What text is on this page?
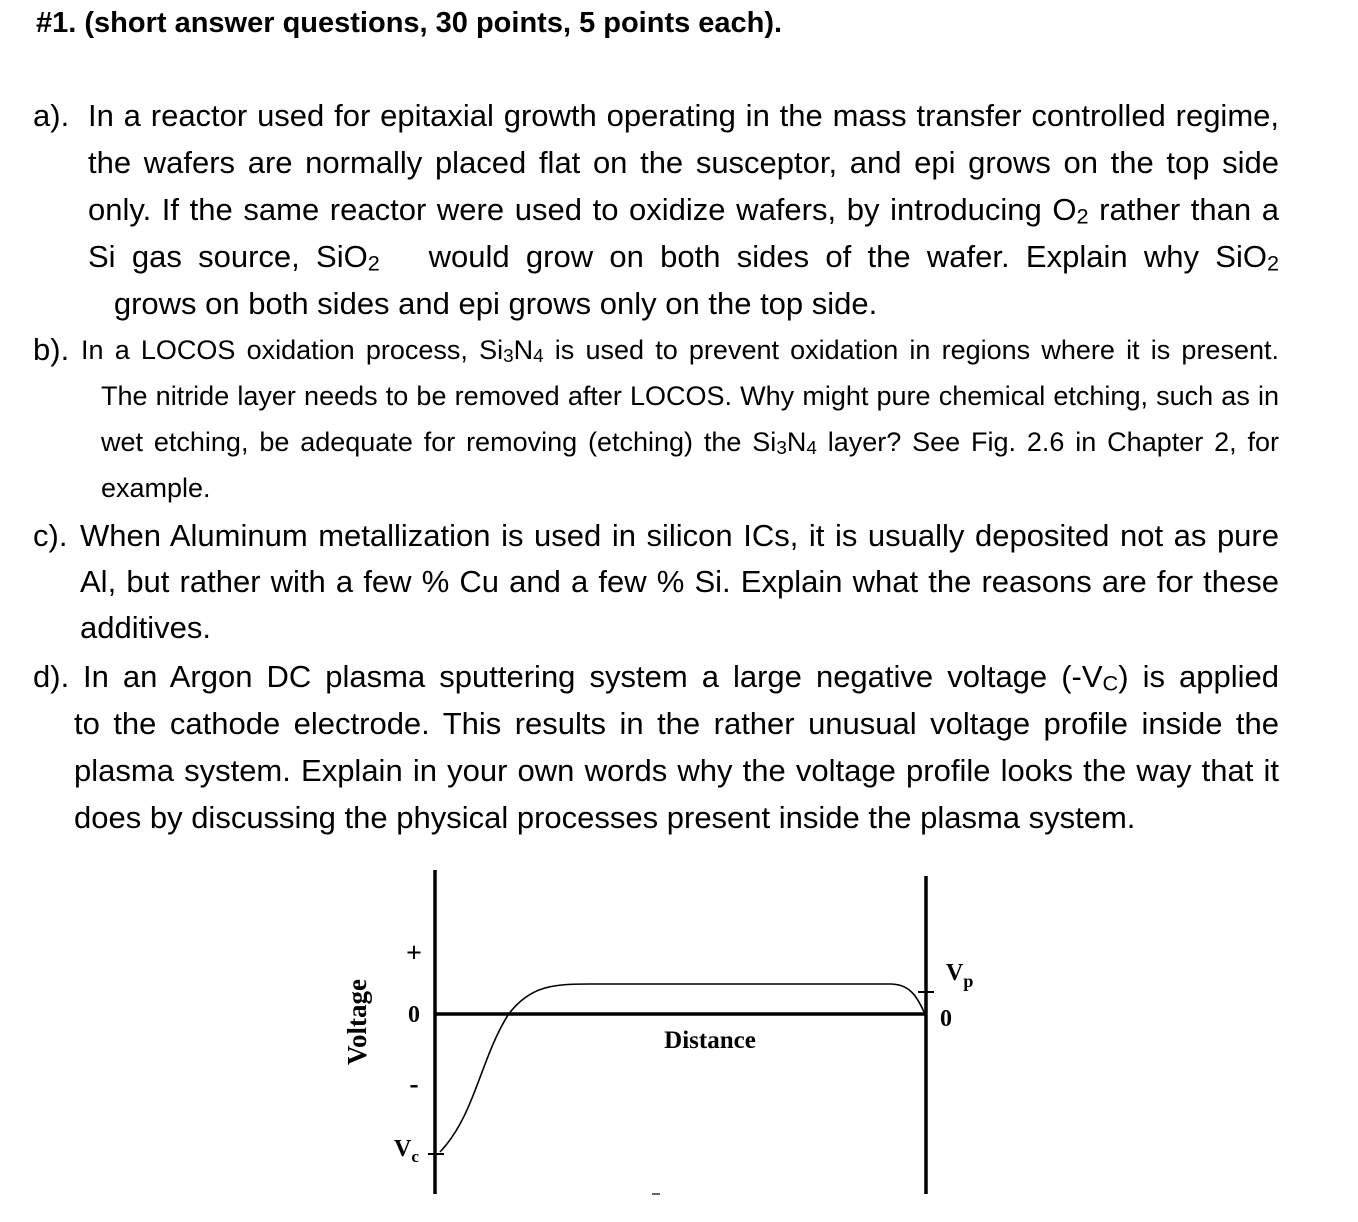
#1. (short answer questions, 30 points, 5 points each).
a). In a reactor used for epitaxial growth operating in the mass transfer controlled regime, the wafers are normally placed flat on the susceptor, and epi grows on the top side only. If the same reactor were used to oxidize wafers, by introducing $O_2$ rather than a Si gas source, SiO$_2$   would grow on both sides of the wafer. Explain why SiO$_2$   grows on both sides and epi grows only on the top side.

b). In a LOCOS oxidation process, $Si_3N_4$ is used to prevent oxidation in regions where it is present.

The nitride layer needs to be removed after LOCOS. Why might pure chemical etching, such as in wet etching, be adequate for removing (etching) the $Si_3N_4$ layer? See Fig. 2.6 in Chapter 2, for example.

c). When Aluminum metallization is used in silicon ICs, it is usually deposited not as pure Al, but rather with a few % Cu and a few % Si. Explain what the reasons are for these additives.

d). In an Argon DC plasma sputtering system a large negative voltage $(-V_C)$ is applied

to the cathode electrode. This results in the rather unusual voltage profile inside the plasma system. Explain in your own words why the voltage profile looks the way that it does by discussing the physical processes present inside the plasma system.

Voltage
+
0
-
$V_c$
Distance
0
$V_p$
